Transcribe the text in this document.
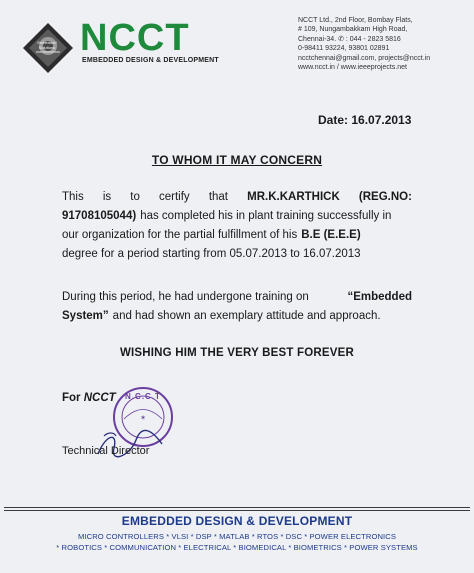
Embedded Solutions NCCT
EMBEDDED DESIGN & DEVELOPMENT
NCCT Ltd., 2nd Floor, Bombay Flats,
# 109, Nungambakkam High Road,
Chennai-34. ✆ : 044 - 2823 5816
0-98411 93224, 93801 02891
ncctchennai@gmail.com, projects@ncct.in
www.ncct.in / www.ieeeprojects.net
Date: 16.07.2013
TO WHOM IT MAY CONCERN
This is to certify that MR.K.KARTHICK (REG.NO:
91708105044) has completed his in plant training successfully in
our organization for the partial fulfillment of his B.E (E.E.E)
degree for a period starting from 05.07.2013 to 16.07.2013
During this period, he had undergone training on	“Embedded
System” and had shown an exemplary attitude and approach.
WISHING HIM THE VERY BEST FOREVER
For NCCT N.C.C.T
✶
Technical Director
EMBEDDED DESIGN & DEVELOPMENT
MICRO CONTROLLERS * VLSI * DSP * MATLAB * RTOS * DSC * POWER ELECTRONICS
* ROBOTICS * COMMUNICATION * ELECTRICAL * BIOMEDICAL * BIOMETRICS * POWER SYSTEMS
